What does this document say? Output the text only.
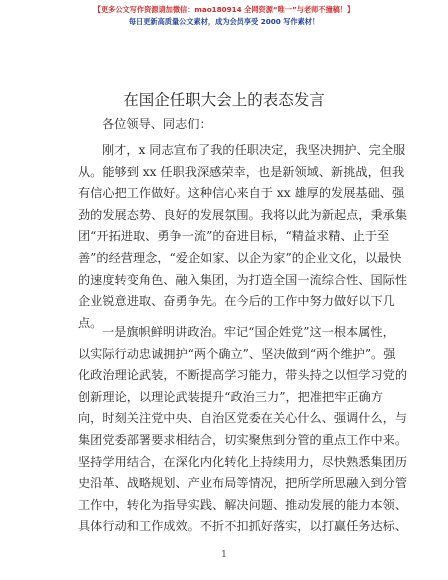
【更多公文写作资源请加微信：mao180914 全网资源“唯一”与老师不撞稿！】
每日更新高质量公文素材，成为会员享受 2000 写作素材！
在国企任职大会上的表态发言
各位领导、同志们：
刚才，x 同志宣布了我的任职决定，我坚决拥护、完全服
从。能够到 xx 任职我深感荣幸，也是新领域、新挑战，但我
有信心把工作做好。这种信心来自于 xx 雄厚的发展基础、强
劲的发展态势、良好的发展氛围。我将以此为新起点，秉承集
团“开拓进取、勇争一流”的奋进目标，“精益求精、止于至
善”的经营理念，“爱企如家、以企为家”的企业文化，以最快
的速度转变角色、融入集团，为打造全国一流综合性、国际性
企业锐意进取、奋勇争先。在今后的工作中努力做好以下几
点。
一是旗帜鲜明讲政治。牢记“国企姓党”这一根本属性，
以实际行动忠诚拥护“两个确立”、坚决做到“两个维护”。强
化政治理论武装，不断提高学习能力，带头持之以恒学习党的
创新理论，以理论武装提升“政治三力”，把准把牢正确方
向，时刻关注党中央、自治区党委在关心什么、强调什么，与
集团党委部署要求相结合，切实聚焦到分管的重点工作中来。
坚持学用结合，在深化内化转化上持续用力，尽快熟悉集团历
史沿革、战略规划、产业布局等情况，把所学所思融入到分管
工作中，转化为指导实践、解决问题、推动发展的能力本领、
具体行动和工作成效。不折不扣抓好落实，以打赢任务达标、
1
